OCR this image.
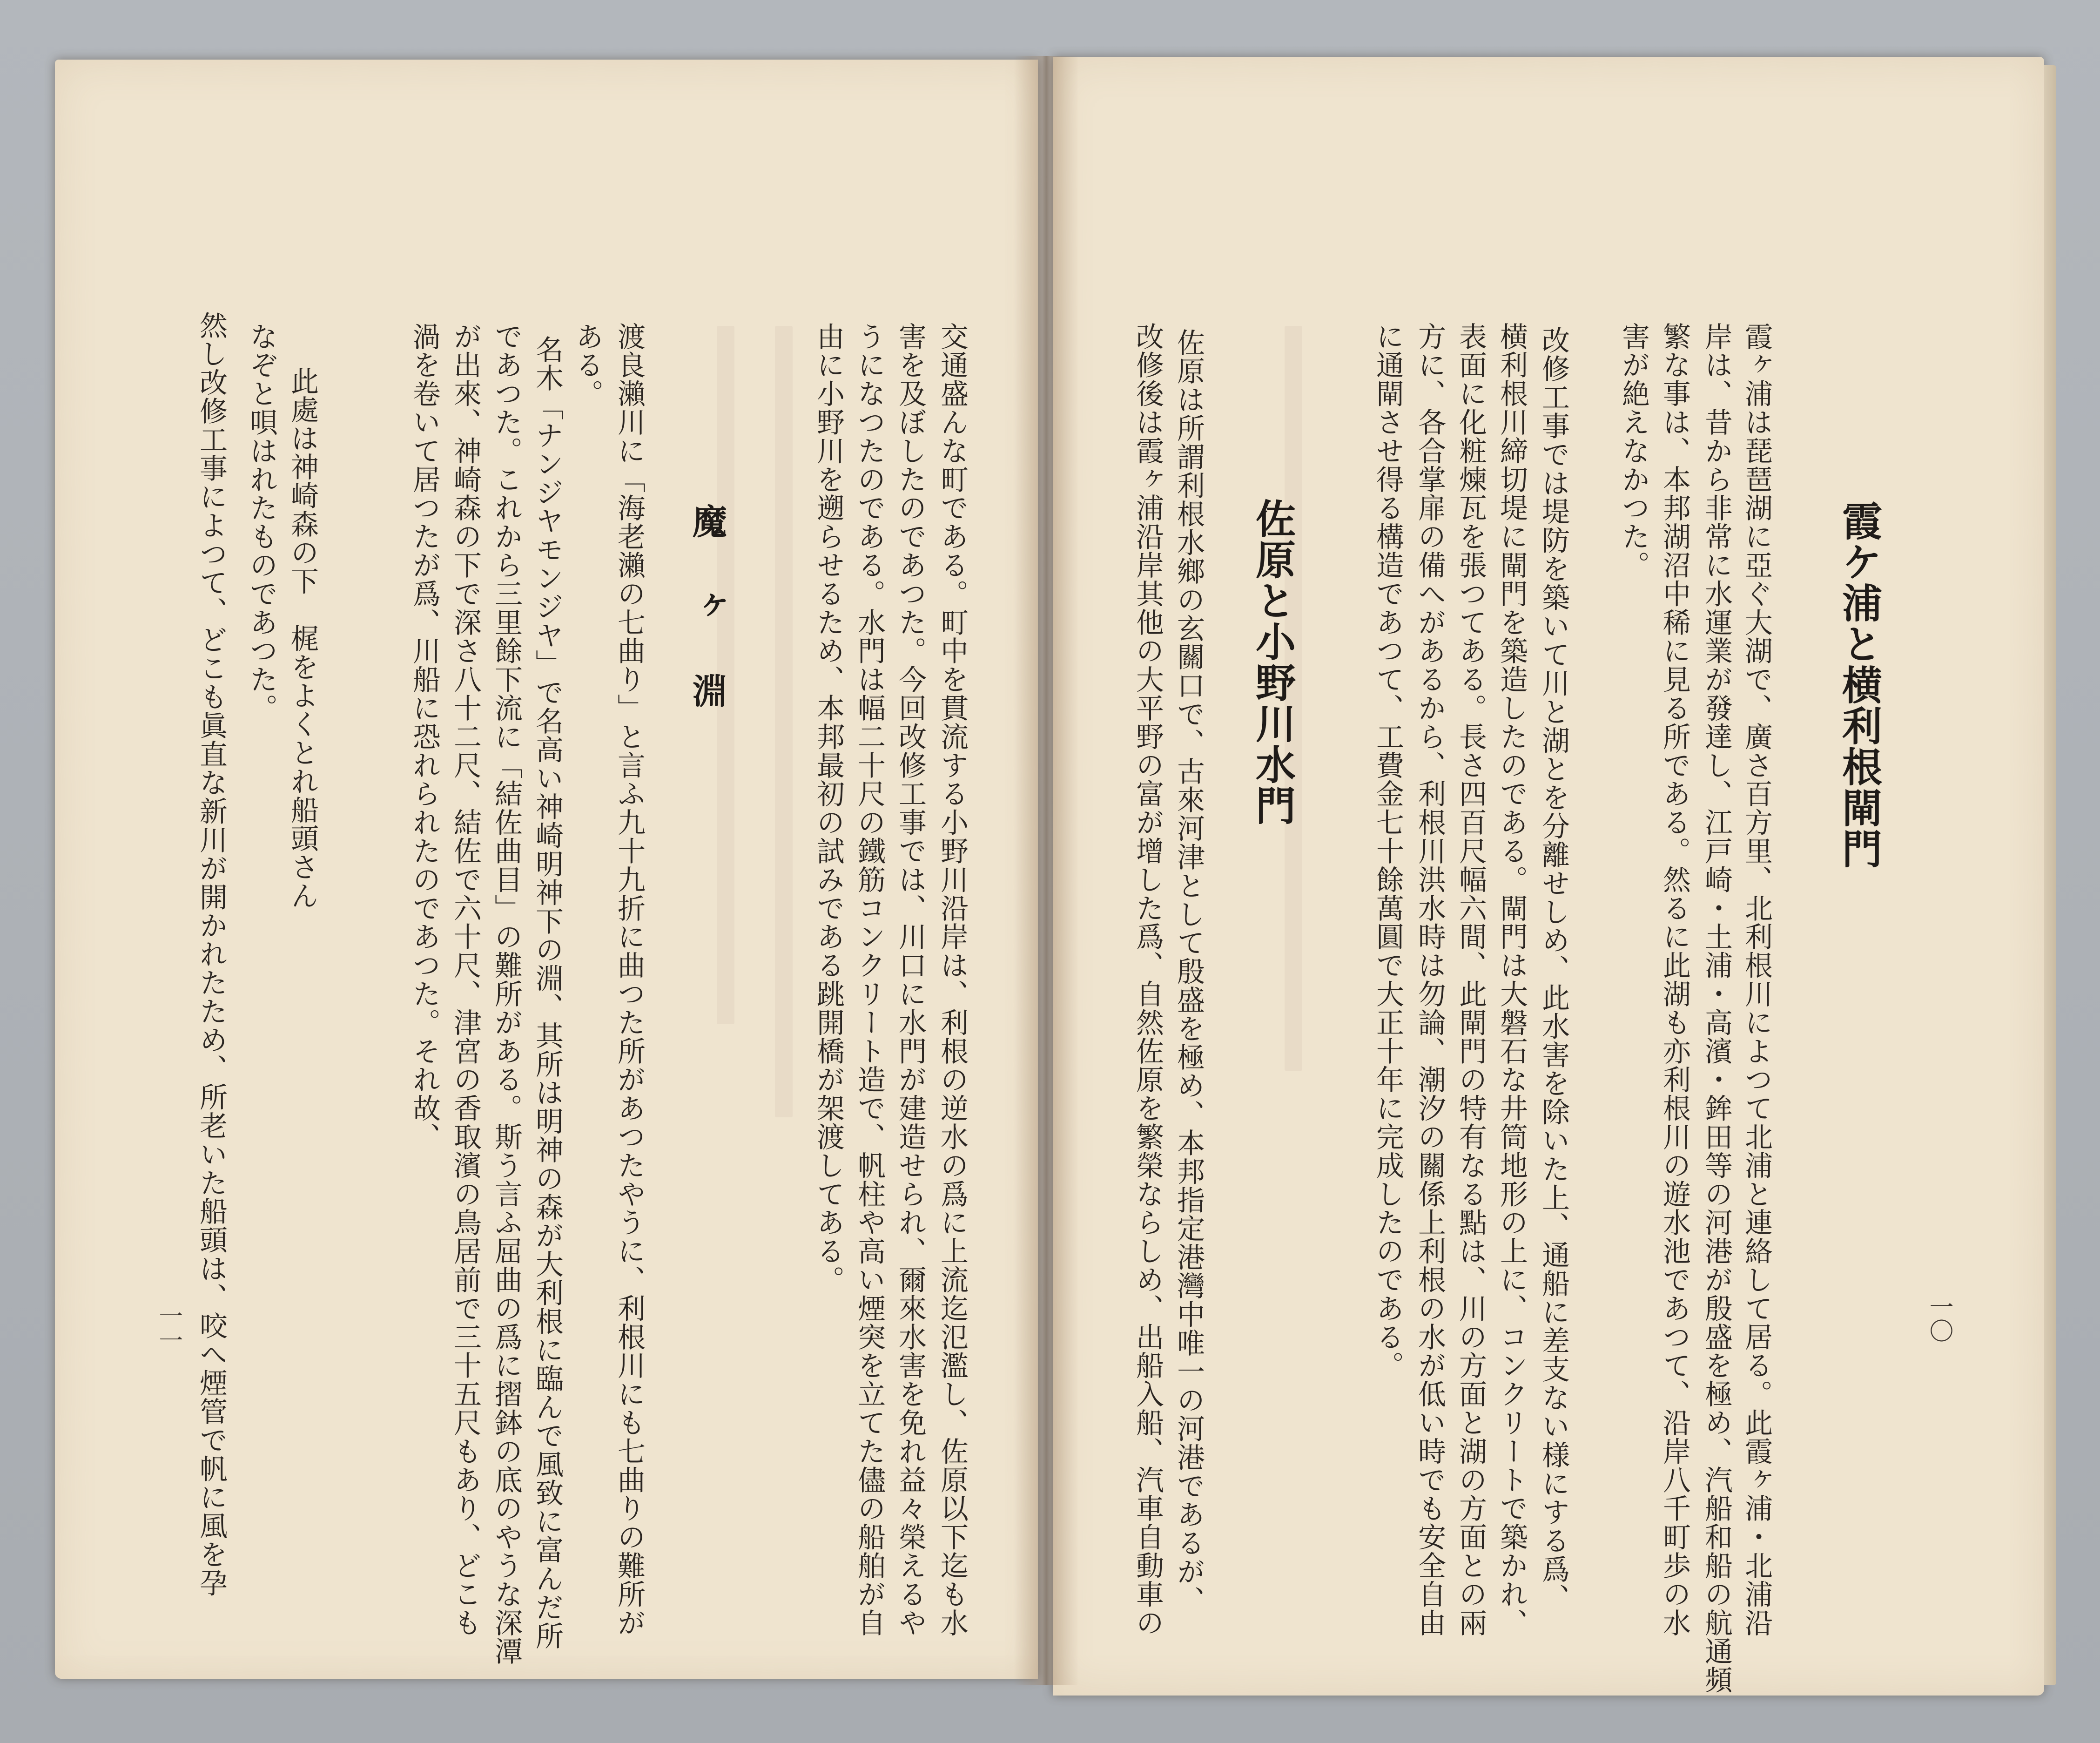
霞ケ浦と横利根閘門
霞ヶ浦は琵琶湖に亞ぐ大湖で、廣さ百方里、北利根川によつて北浦と連絡して居る。此霞ヶ浦・北浦沿
岸は、昔から非常に水運業が發達し、江戸崎・土浦・高濱・鉾田等の河港が殷盛を極め、汽船和船の航通頻
繁な事は、本邦湖沼中稀に見る所である。然るに此湖も亦利根川の遊水池であつて、沿岸八千町歩の水
害が絶えなかつた。
改修工事では堤防を築いて川と湖とを分離せしめ、此水害を除いた上、通船に差支ない様にする爲、
横利根川締切堤に閘門を築造したのである。閘門は大磐石な井筒地形の上に、コンクリートで築かれ、
表面に化粧煉瓦を張つてある。長さ四百尺幅六間、此閘門の特有なる點は、川の方面と湖の方面との兩
方に、各合掌扉の備へがあるから、利根川洪水時は勿論、潮汐の關係上利根の水が低い時でも安全自由
に通閘させ得る構造であつて、工費金七十餘萬圓で大正十年に完成したのである。
佐原と小野川水門
佐原は所謂利根水鄉の玄關口で、古來河津として殷盛を極め、本邦指定港灣中唯一の河港であるが、
改修後は霞ヶ浦沿岸其他の大平野の富が增した爲、自然佐原を繁榮ならしめ、出船入船、汽車自動車の	一〇
交通盛んな町である。町中を貫流する小野川沿岸は、利根の逆水の爲に上流迄氾濫し、佐原以下迄も水
害を及ぼしたのであつた。今回改修工事では、川口に水門が建造せられ、爾來水害を免れ益々榮えるや
うになつたのである。水門は幅二十尺の鐵筋コンクリート造で、帆柱や高い煙突を立てた儘の船舶が自
由に小野川を遡らせるため、本邦最初の試みである跳開橋が架渡してある。
魔ヶ淵
渡良瀨川に「海老瀨の七曲り」と言ふ九十九折に曲つた所があつたやうに、利根川にも七曲りの難所が
ある。
名木「ナンジヤモンジヤ」で名高い神崎明神下の淵、其所は明神の森が大利根に臨んで風致に富んだ所
であつた。これから三里餘下流に「結佐曲目」の難所がある。斯う言ふ屈曲の爲に摺鉢の底のやうな深潭
が出來、神崎森の下で深さ八十二尺、結佐で六十尺、津宮の香取濱の鳥居前で三十五尺もあり、どこも
渦を卷いて居つたが爲、川船に恐れられたのであつた。それ故、
此處は神崎森の下　梶をよくとれ船頭さん
なぞと唄はれたものであつた。
然し改修工事によつて、どこも眞直な新川が開かれたため、所老いた船頭は、咬へ煙管で帆に風を孕
一一
